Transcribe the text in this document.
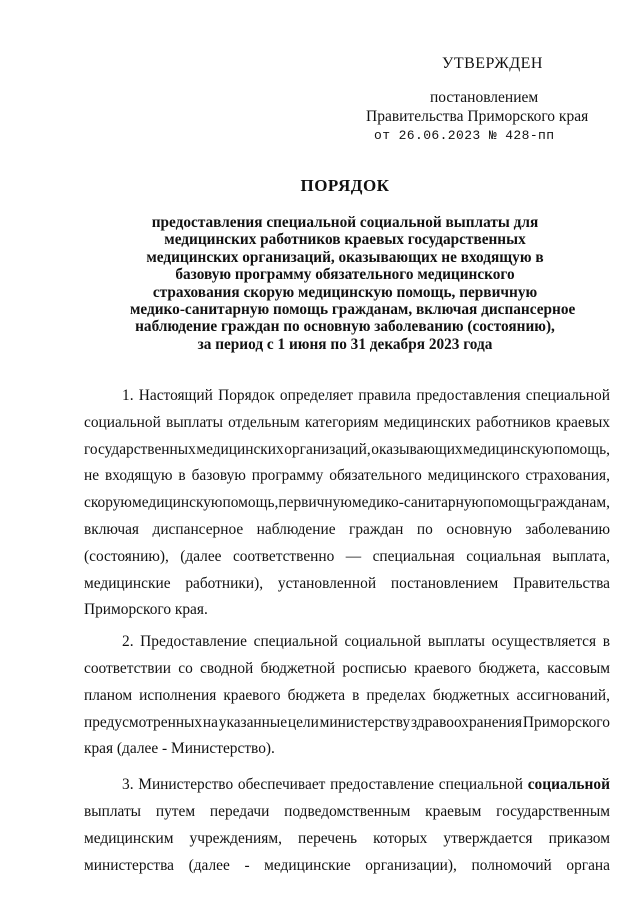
УТВЕРЖДЕН
постановлением
Правительства Приморского края
от 26.06.2023 № 428-пп
ПОРЯДОК
предоставления специальной социальной выплаты для
медицинских работников краевых государственных
медицинских организаций, оказывающих не входящую в
базовую программу обязательного медицинского
страхования скорую медицинскую помощь, первичную
медико-санитарную помощь гражданам, включая диспансерное
наблюдение граждан по основную заболеванию (состоянию),
за период с 1 июня по 31 декабря 2023 года
1. Настоящий Порядок определяет правила предоставления специальной
социальной выплаты отдельным категориям медицинских работников краевых
государственных медицинских организаций, оказывающих медицинскую помощь,
не входящую в базовую программу обязательного медицинского страхования,
скорую медицинскую помощь, первичную медико-санитарную помощь гражданам,
включая диспансерное наблюдение граждан по основную заболеванию
(состоянию), (далее соответственно — специальная социальная выплата,
медицинские работники), установленной постановлением Правительства
Приморского края.
2. Предоставление специальной социальной выплаты осуществляется в
соответствии со сводной бюджетной росписью краевого бюджета, кассовым
планом исполнения краевого бюджета в пределах бюджетных ассигнований,
предусмотренных на указанные цели министерству здравоохранения Приморского
края (далее - Министерство).
3. Министерство обеспечивает предоставление специальной социальной
выплаты путем передачи подведомственным краевым государственным
медицинским учреждениям, перечень которых утверждается приказом
министерства (далее - медицинские организации), полномочий органа
